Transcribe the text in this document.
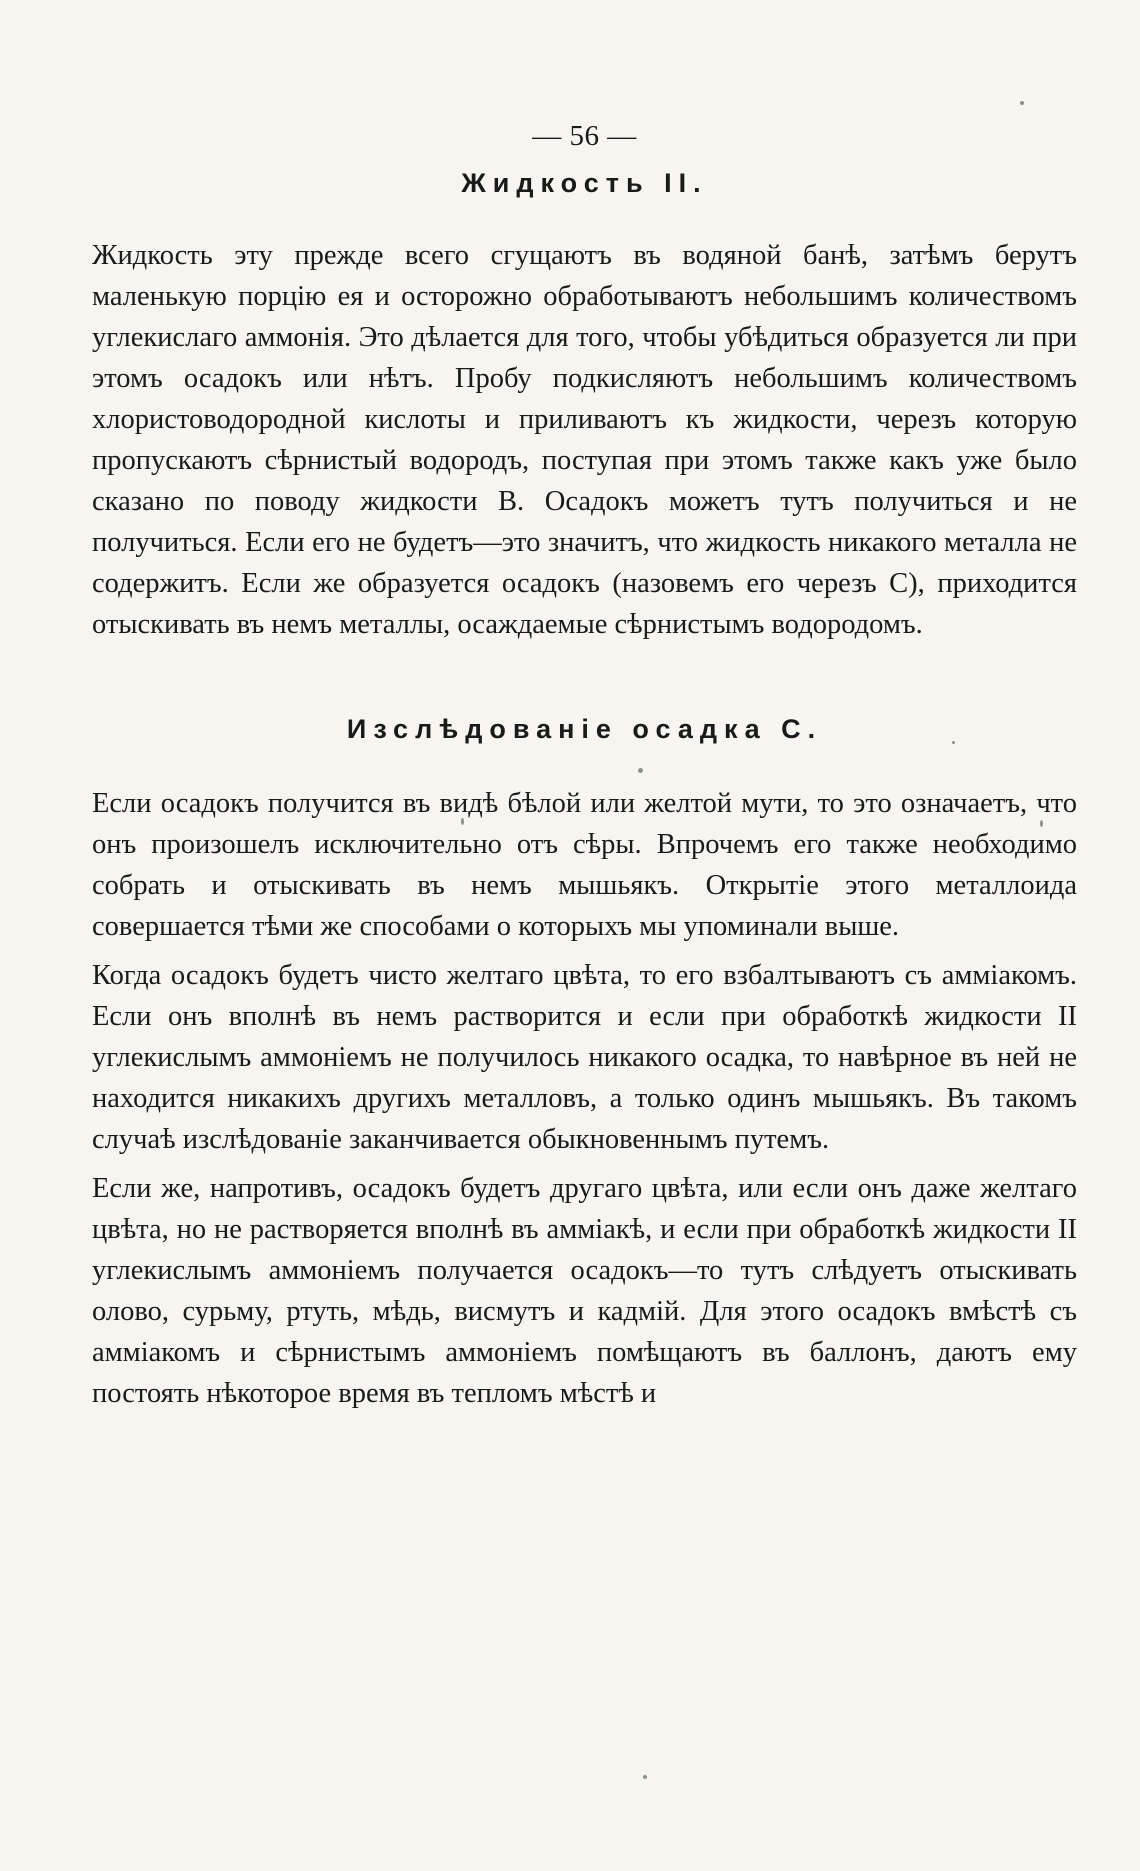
— 56 —
Жидкость II.

Жидкость эту прежде всего сгущаютъ въ водяной банѣ, затѣмъ берутъ маленькую порцію ея и осторожно обработываютъ небольшимъ количествомъ углекислаго аммонія. Это дѣлается для того, чтобы убѣдиться образуется ли при этомъ осадокъ или нѣтъ. Пробу подкисляютъ небольшимъ количествомъ хлористоводородной кислоты и приливаютъ къ жидкости, черезъ которую пропускаютъ сѣрнистый водородъ, поступая при этомъ также какъ уже было сказано по поводу жидкости В. Осадокъ можетъ тутъ получиться и не получиться. Если его не будетъ—это значитъ, что жидкость никакого металла не содержитъ. Если же образуется осадокъ (назовемъ его черезъ С), приходится отыскивать въ немъ металлы, осаждаемые сѣрнистымъ водородомъ.

Изслѣдованіе осадка С.

Если осадокъ получится въ видѣ бѣлой или желтой мути, то это означаетъ, что онъ произошелъ исключительно отъ сѣры. Впрочемъ его также необходимо собрать и отыскивать въ немъ мышьякъ. Открытіе этого металлоида совершается тѣми же способами о которыхъ мы упоминали выше.

Когда осадокъ будетъ чисто желтаго цвѣта, то его взбалтываютъ съ аммiакомъ. Если онъ вполнѣ въ немъ растворится и если при обработкѣ жидкости II углекислымъ аммоніемъ не получилось никакого осадка, то навѣрное въ ней не находится никакихъ другихъ металловъ, а только одинъ мышьякъ. Въ такомъ случаѣ изслѣдованіе заканчивается обыкновеннымъ путемъ.

Если же, напротивъ, осадокъ будетъ другаго цвѣта, или если онъ даже желтаго цвѣта, но не растворяется вполнѣ въ аммiакѣ, и если при обработкѣ жидкости II углекислымъ аммоніемъ получается осадокъ—то тутъ слѣдуетъ отыскивать олово, сурьму, ртуть, мѣдь, висмутъ и кадмій. Для этого осадокъ вмѣстѣ съ аммiакомъ и сѣрнистымъ аммоніемъ помѣщаютъ въ баллонъ, даютъ ему постоять нѣкоторое время въ тепломъ мѣстѣ и
